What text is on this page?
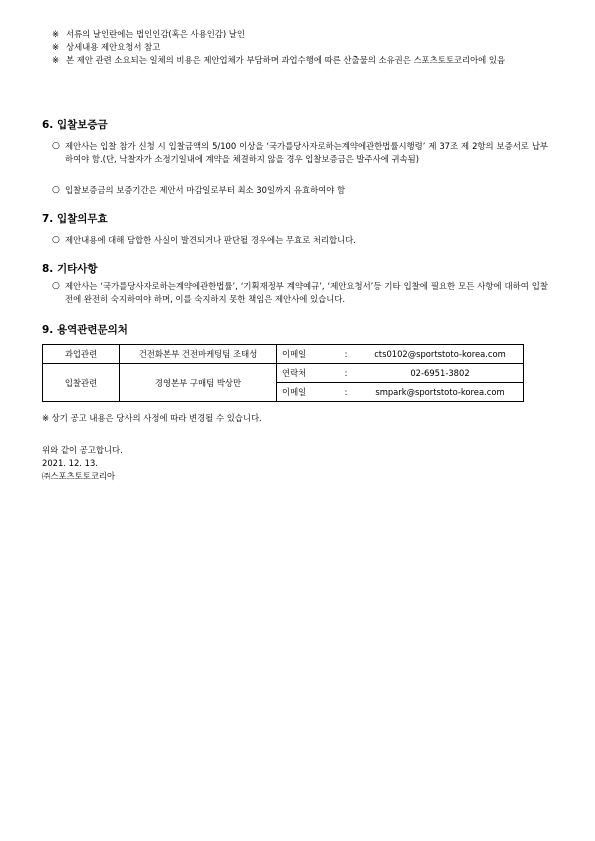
※ 서류의 날인란에는 법인인감(혹은 사용인감) 날인
※ 상세내용 제안요청서 참고
※ 본 제안 관련 소요되는 일체의 비용은 제안업체가 부담하며 과업수행에 따른 산출물의 소유권은 스포츠토토코리아에 있음
6. 입찰보증금
○ 제안사는 입찰 참가 신청 시 입찰금액의 5/100 이상을 ‘국가를당사자로하는계약에관한법률시행령’ 제 37조 제 2항의 보증서로 납부하여야 함.(단, 낙찰자가 소정기일내에 계약을 체결하지 않을 경우 입찰보증금은 발주사에 귀속됨)
○ 입찰보증금의 보증기간은 제안서 마감일로부터 최소 30일까지 유효하여야 함
7. 입찰의무효
○ 제안내용에 대해 담합한 사실이 발견되거나 판단될 경우에는 무효로 처리합니다.
8. 기타사항
○ 제안사는 ‘국가를당사자로하는계약에관한법률’, ‘기획재정부 계약예규’, ‘제안요청서’등 기타 입찰에 필요한 모든 사항에 대하여 입찰 전에 완전히 숙지하여야 하며, 이를 숙지하지 못한 책임은 제안사에 있습니다.
9. 용역관련문의처
과업관련	건전화본부 건전마케팅팀 조태성	이메일	:	cts0102@sportstoto-korea.com
입찰관련	경영본부 구매팀 박상만	연락처	:	02-6951-3802
		이메일	:	smpark@sportstoto-korea.com
※ 상기 공고 내용은 당사의 사정에 따라 변경될 수 있습니다.
위와 같이 공고합니다.
2021. 12. 13.
㈜스포츠토토코리아
